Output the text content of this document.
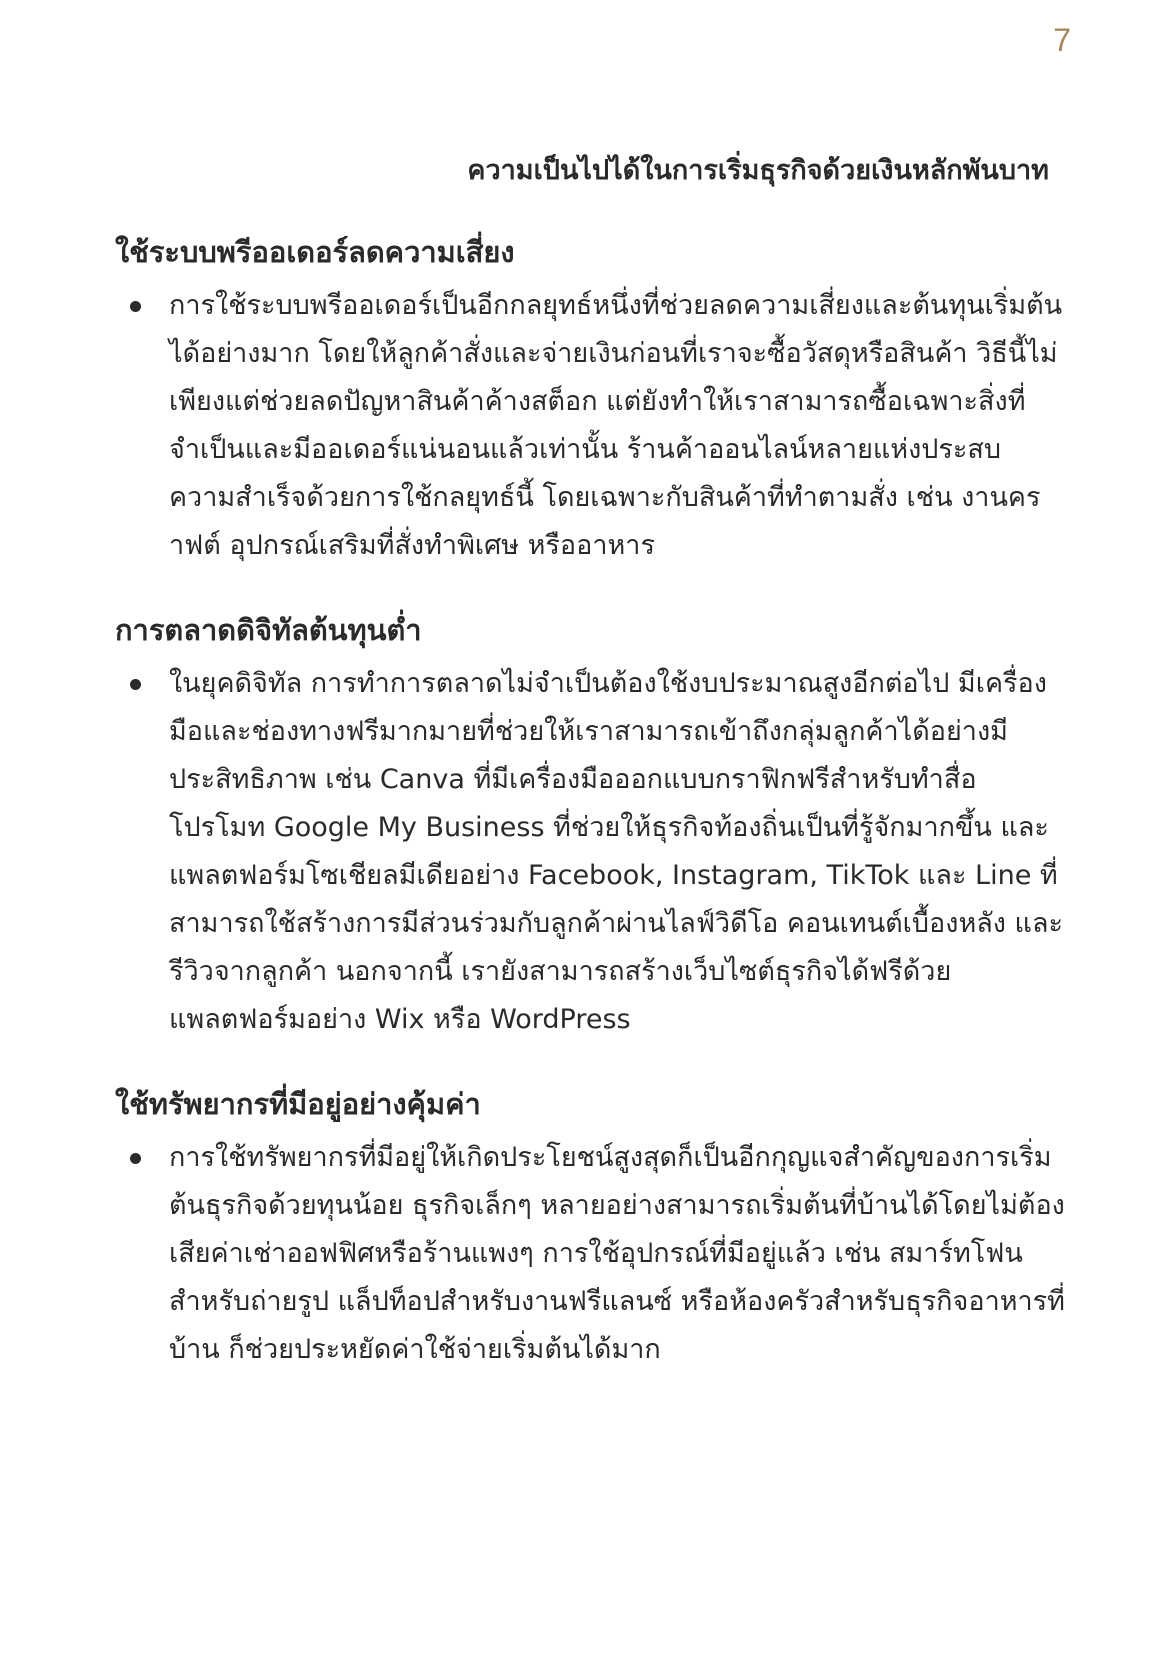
7
ความเป็นไปได้ในการเริ่มธุรกิจด้วยเงินหลักพันบาท
ใช้ระบบพรีออเดอร์ลดความเสี่ยง
การใช้ระบบพรีออเดอร์เป็นอีกกลยุทธ์หนึ่งที่ช่วยลดความเสี่ยงและต้นทุนเริ่มต้นได้อย่างมาก โดยให้ลูกค้าสั่งและจ่ายเงินก่อนที่เราจะซื้อวัสดุหรือสินค้า วิธีนี้ไม่เพียงแต่ช่วยลดปัญหาสินค้าค้างสต็อก แต่ยังทำให้เราสามารถซื้อเฉพาะสิ่งที่จำเป็นและมีออเดอร์แน่นอนแล้วเท่านั้น ร้านค้าออนไลน์หลายแห่งประสบความสำเร็จด้วยการใช้กลยุทธ์นี้ โดยเฉพาะกับสินค้าที่ทำตามสั่ง เช่น งานคราฟต์ อุปกรณ์เสริมที่สั่งทำพิเศษ หรืออาหาร
การตลาดดิจิทัลต้นทุนต่ำ
ในยุคดิจิทัล การทำการตลาดไม่จำเป็นต้องใช้งบประมาณสูงอีกต่อไป มีเครื่องมือและช่องทางฟรีมากมายที่ช่วยให้เราสามารถเข้าถึงกลุ่มลูกค้าได้อย่างมีประสิทธิภาพ เช่น Canva ที่มีเครื่องมือออกแบบกราฟิกฟรีสำหรับทำสื่อโปรโมท Google My Business ที่ช่วยให้ธุรกิจท้องถิ่นเป็นที่รู้จักมากขึ้น และแพลตฟอร์มโซเชียลมีเดียอย่าง Facebook, Instagram, TikTok และ Line ที่สามารถใช้สร้างการมีส่วนร่วมกับลูกค้าผ่านไลฟ์วิดีโอ คอนเทนต์เบื้องหลัง และรีวิวจากลูกค้า นอกจากนี้ เรายังสามารถสร้างเว็บไซต์ธุรกิจได้ฟรีด้วยแพลตฟอร์มอย่าง Wix หรือ WordPress
ใช้ทรัพยากรที่มีอยู่อย่างคุ้มค่า
การใช้ทรัพยากรที่มีอยู่ให้เกิดประโยชน์สูงสุดก็เป็นอีกกุญแจสำคัญของการเริ่มต้นธุรกิจด้วยทุนน้อย ธุรกิจเล็กๆ หลายอย่างสามารถเริ่มต้นที่บ้านได้โดยไม่ต้องเสียค่าเช่าออฟฟิศหรือร้านแพงๆ การใช้อุปกรณ์ที่มีอยู่แล้ว เช่น สมาร์ทโฟนสำหรับถ่ายรูป แล็ปท็อปสำหรับงานฟรีแลนซ์ หรือห้องครัวสำหรับธุรกิจอาหารที่บ้าน ก็ช่วยประหยัดค่าใช้จ่ายเริ่มต้นได้มาก
